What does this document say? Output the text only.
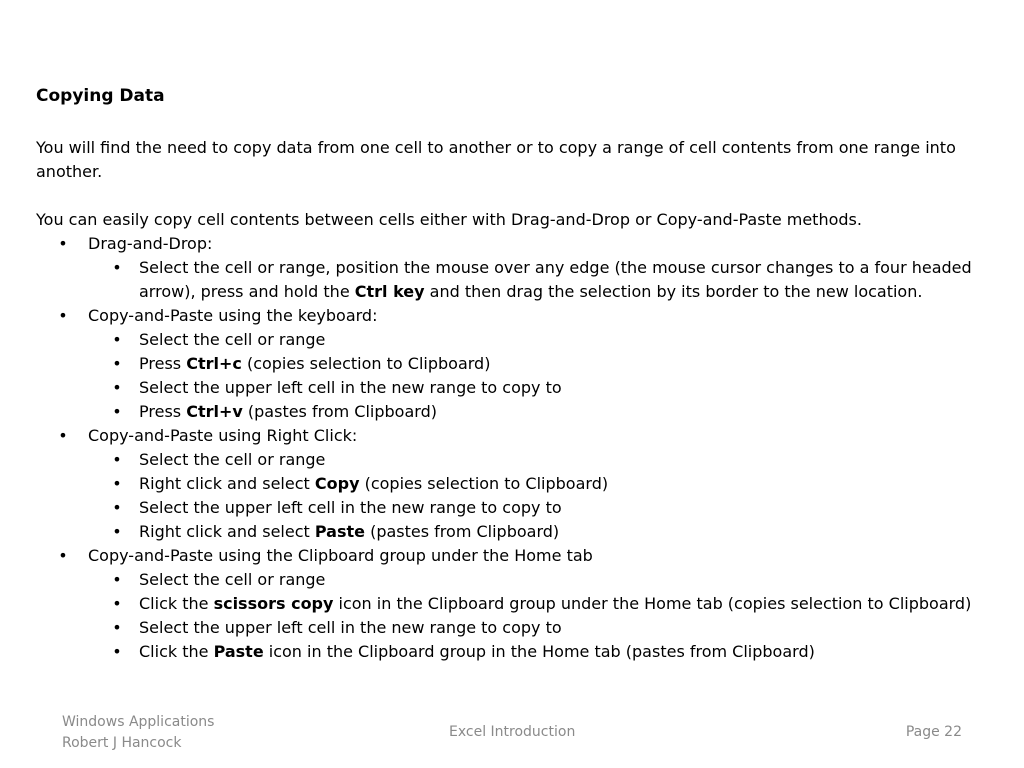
Copying Data
You will find the need to copy data from one cell to another or to copy a range of cell contents from one range into another.
You can easily copy cell contents between cells either with Drag-and-Drop or Copy-and-Paste methods.
• Drag-and-Drop:
• Select the cell or range, position the mouse over any edge (the mouse cursor changes to a four headed arrow), press and hold the Ctrl key and then drag the selection by its border to the new location.
• Copy-and-Paste using the keyboard:
• Select the cell or range
• Press Ctrl+c (copies selection to Clipboard)
• Select the upper left cell in the new range to copy to
• Press Ctrl+v (pastes from Clipboard)
• Copy-and-Paste using Right Click:
• Select the cell or range
• Right click and select Copy (copies selection to Clipboard)
• Select the upper left cell in the new range to copy to
• Right click and select Paste (pastes from Clipboard)
• Copy-and-Paste using the Clipboard group under the Home tab
• Select the cell or range
• Click the scissors copy icon in the Clipboard group under the Home tab (copies selection to Clipboard)
• Select the upper left cell in the new range to copy to
• Click the Paste icon in the Clipboard group in the Home tab (pastes from Clipboard)
Windows Applications
Robert J Hancock
Excel Introduction	Page 22
